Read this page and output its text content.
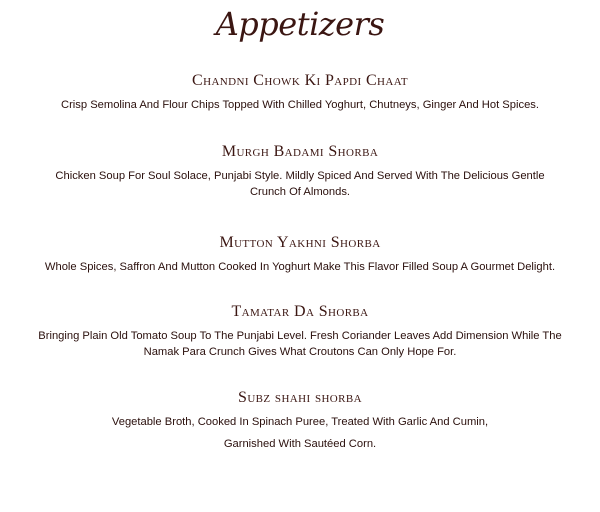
Appetizers

Chandni Chowk Ki Papdi Chaat

Crisp Semolina And Flour Chips Topped With Chilled Yoghurt, Chutneys, Ginger And Hot Spices.

Murgh Badami Shorba

Chicken Soup For Soul Solace, Punjabi Style. Mildly Spiced And Served With The Delicious Gentle

Crunch Of Almonds.

Mutton Yakhni Shorba

Whole Spices, Saffron And Mutton Cooked In Yoghurt Make This Flavor Filled Soup A Gourmet Delight.

Tamatar Da Shorba

Bringing Plain Old Tomato Soup To The Punjabi Level. Fresh Coriander Leaves Add Dimension While The

Namak Para Crunch Gives What Croutons Can Only Hope For.

Subz shahi shorba

Vegetable Broth, Cooked In Spinach Puree, Treated With Garlic And Cumin,

Garnished With Sautéed Corn.
